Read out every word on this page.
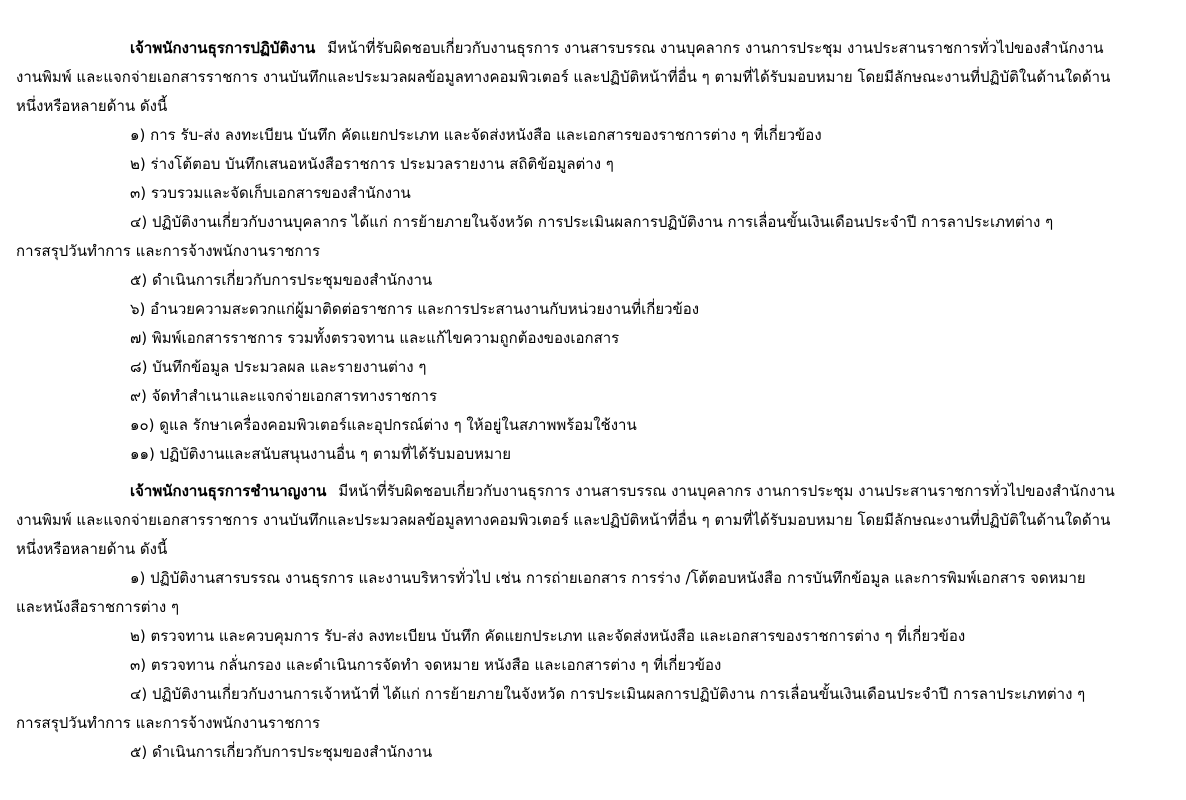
เจ้าพนักงานธุรการปฏิบัติงาน มีหน้าที่รับผิดชอบเกี่ยวกับงานธุรการ งานสารบรรณ งานบุคลากร งานการประชุม งานประสานราชการทั่วไปของสำนักงาน
งานพิมพ์ และแจกจ่ายเอกสารราชการ งานบันทึกและประมวลผลข้อมูลทางคอมพิวเตอร์ และปฏิบัติหน้าที่อื่น ๆ ตามที่ได้รับมอบหมาย โดยมีลักษณะงานที่ปฏิบัติในด้านใดด้าน
หนึ่งหรือหลายด้าน ดังนี้
๑) การ รับ-ส่ง ลงทะเบียน บันทึก คัดแยกประเภท และจัดส่งหนังสือ และเอกสารของราชการต่าง ๆ ที่เกี่ยวข้อง
๒) ร่างโต้ตอบ บันทึกเสนอหนังสือราชการ ประมวลรายงาน สถิติข้อมูลต่าง ๆ
๓) รวบรวมและจัดเก็บเอกสารของสำนักงาน
๔) ปฏิบัติงานเกี่ยวกับงานบุคลากร ได้แก่ การย้ายภายในจังหวัด การประเมินผลการปฏิบัติงาน การเลื่อนขั้นเงินเดือนประจำปี การลาประเภทต่าง ๆ
การสรุปวันทำการ และการจ้างพนักงานราชการ
๕) ดำเนินการเกี่ยวกับการประชุมของสำนักงาน
๖) อำนวยความสะดวกแก่ผู้มาติดต่อราชการ และการประสานงานกับหน่วยงานที่เกี่ยวข้อง
๗) พิมพ์เอกสารราชการ รวมทั้งตรวจทาน และแก้ไขความถูกต้องของเอกสาร
๘) บันทึกข้อมูล ประมวลผล และรายงานต่าง ๆ
๙) จัดทำสำเนาและแจกจ่ายเอกสารทางราชการ
๑๐) ดูแล รักษาเครื่องคอมพิวเตอร์และอุปกรณ์ต่าง ๆ ให้อยู่ในสภาพพร้อมใช้งาน
๑๑) ปฏิบัติงานและสนับสนุนงานอื่น ๆ ตามที่ได้รับมอบหมาย
เจ้าพนักงานธุรการชำนาญงาน มีหน้าที่รับผิดชอบเกี่ยวกับงานธุรการ งานสารบรรณ งานบุคลากร งานการประชุม งานประสานราชการทั่วไปของสำนักงาน
งานพิมพ์ และแจกจ่ายเอกสารราชการ งานบันทึกและประมวลผลข้อมูลทางคอมพิวเตอร์ และปฏิบัติหน้าที่อื่น ๆ ตามที่ได้รับมอบหมาย โดยมีลักษณะงานที่ปฏิบัติในด้านใดด้าน
หนึ่งหรือหลายด้าน ดังนี้
๑) ปฏิบัติงานสารบรรณ งานธุรการ และงานบริหารทั่วไป เช่น การถ่ายเอกสาร การร่าง /โต้ตอบหนังสือ การบันทึกข้อมูล และการพิมพ์เอกสาร จดหมาย
และหนังสือราชการต่าง ๆ
๒) ตรวจทาน และควบคุมการ รับ-ส่ง ลงทะเบียน บันทึก คัดแยกประเภท และจัดส่งหนังสือ และเอกสารของราชการต่าง ๆ ที่เกี่ยวข้อง
๓) ตรวจทาน กลั่นกรอง และดำเนินการจัดทำ จดหมาย หนังสือ และเอกสารต่าง ๆ ที่เกี่ยวข้อง
๔) ปฏิบัติงานเกี่ยวกับงานการเจ้าหน้าที่ ได้แก่ การย้ายภายในจังหวัด การประเมินผลการปฏิบัติงาน การเลื่อนขั้นเงินเดือนประจำปี การลาประเภทต่าง ๆ
การสรุปวันทำการ และการจ้างพนักงานราชการ
๕) ดำเนินการเกี่ยวกับการประชุมของสำนักงาน
